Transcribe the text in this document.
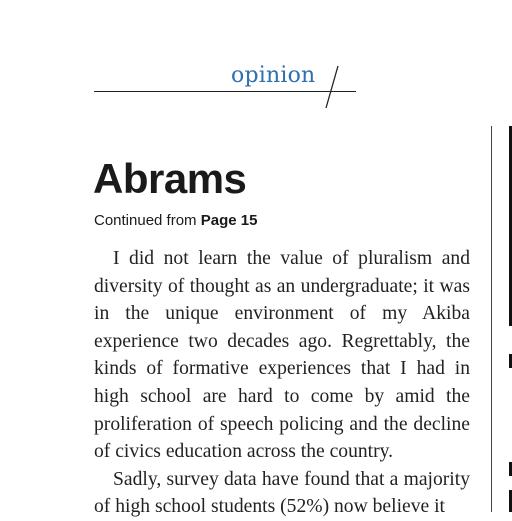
opinion
Abrams
Continued from Page 15

I did not learn the value of pluralism and diversity of thought as an undergraduate; it was in the unique environment of my Akiba experience two decades ago. Regrettably, the kinds of formative experiences that I had in high school are hard to come by amid the proliferation of speech policing and the decline of civics education across the country.

Sadly, survey data have found that a majority of high school students (52%) now believe it
